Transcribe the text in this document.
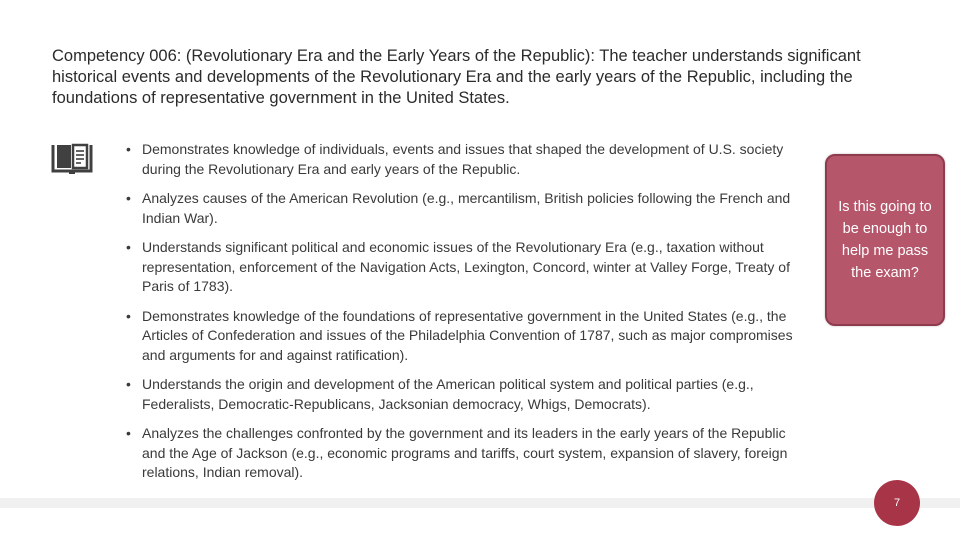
Competency 006: (Revolutionary Era and the Early Years of the Republic): The teacher understands significant historical events and developments of the Revolutionary Era and the early years of the Republic, including the foundations of representative government in the United States.
• Demonstrates knowledge of individuals, events and issues that shaped the development of U.S. society during the Revolutionary Era and early years of the Republic.
• Analyzes causes of the American Revolution (e.g., mercantilism, British policies following the French and Indian War).
• Understands significant political and economic issues of the Revolutionary Era (e.g., taxation without representation, enforcement of the Navigation Acts, Lexington, Concord, winter at Valley Forge, Treaty of Paris of 1783).
• Demonstrates knowledge of the foundations of representative government in the United States (e.g., the Articles of Confederation and issues of the Philadelphia Convention of 1787, such as major compromises and arguments for and against ratification).
• Understands the origin and development of the American political system and political parties (e.g., Federalists, Democratic-Republicans, Jacksonian democracy, Whigs, Democrats).
• Analyzes the challenges confronted by the government and its leaders in the early years of the Republic and the Age of Jackson (e.g., economic programs and tariffs, court system, expansion of slavery, foreign relations, Indian removal).
Is this going to be enough to help me pass the exam?
7
